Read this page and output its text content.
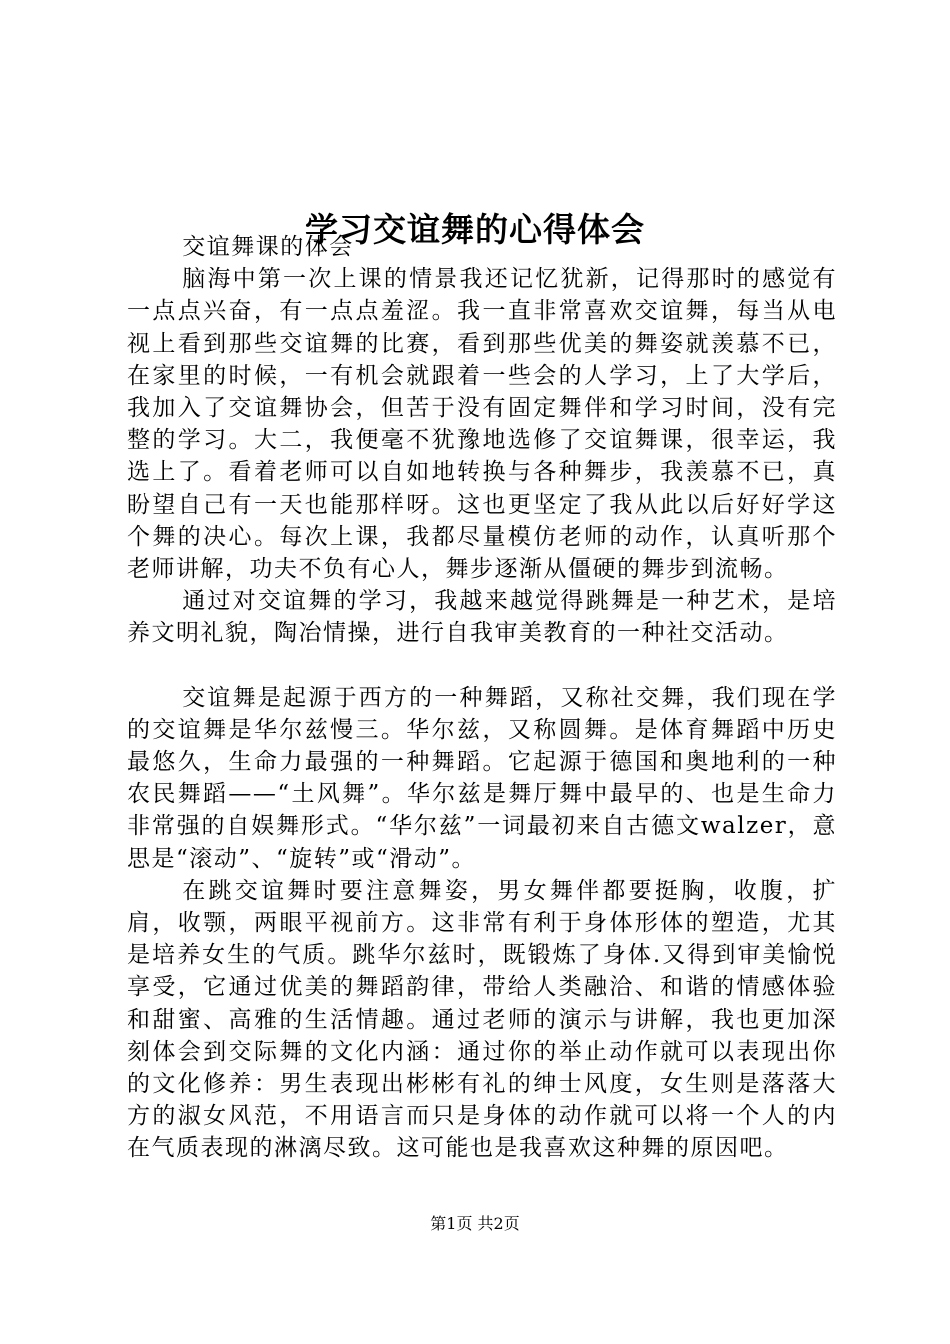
学习交谊舞的心得体会

交谊舞课的体会

脑海中第一次上课的情景我还记忆犹新，记得那时的感觉有一点点兴奋，有一点点羞涩。我一直非常喜欢交谊舞，每当从电视上看到那些交谊舞的比赛，看到那些优美的舞姿就羡慕不已，在家里的时候，一有机会就跟着一些会的人学习，上了大学后，我加入了交谊舞协会，但苦于没有固定舞伴和学习时间，没有完整的学习。大二，我便毫不犹豫地选修了交谊舞课，很幸运，我选上了。看着老师可以自如地转换与各种舞步，我羡慕不已，真盼望自己有一天也能那样呀。这也更坚定了我从此以后好好学这个舞的决心。每次上课，我都尽量模仿老师的动作，认真听那个老师讲解，功夫不负有心人，舞步逐渐从僵硬的舞步到流畅。

通过对交谊舞的学习，我越来越觉得跳舞是一种艺术，是培养文明礼貌，陶冶情操，进行自我审美教育的一种社交活动。

交谊舞是起源于西方的一种舞蹈，又称社交舞，我们现在学的交谊舞是华尔兹慢三。华尔兹，又称圆舞。是体育舞蹈中历史最悠久，生命力最强的一种舞蹈。它起源于德国和奥地利的一种农民舞蹈——“土风舞”。华尔兹是舞厅舞中最早的、也是生命力非常强的自娱舞形式。“华尔兹”一词最初来自古德文walzer，意思是“滚动”、“旋转”或“滑动”。

在跳交谊舞时要注意舞姿，男女舞伴都要挺胸，收腹，扩肩，收颚，两眼平视前方。这非常有利于身体形体的塑造，尤其是培养女生的气质。跳华尔兹时，既锻炼了身体.又得到审美愉悦享受，它通过优美的舞蹈韵律，带给人类融洽、和谐的情感体验和甜蜜、高雅的生活情趣。通过老师的演示与讲解，我也更加深刻体会到交际舞的文化内涵：通过你的举止动作就可以表现出你的文化修养：男生表现出彬彬有礼的绅士风度，女生则是落落大方的淑女风范，不用语言而只是身体的动作就可以将一个人的内在气质表现的淋漓尽致。这可能也是我喜欢这种舞的原因吧。

第1页 共2页
